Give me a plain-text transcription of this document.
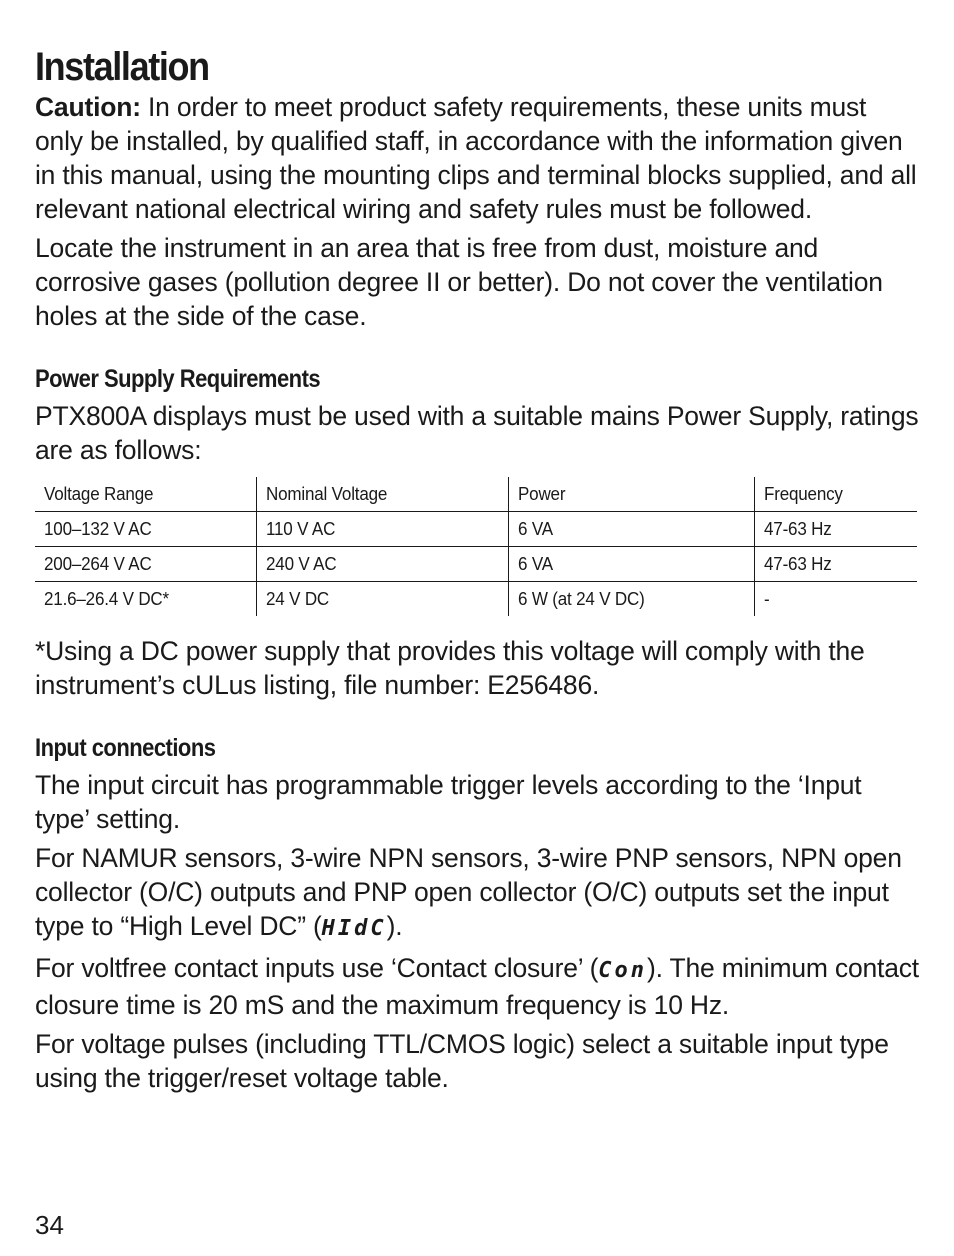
Installation

Caution: In order to meet product safety requirements, these units must only be installed, by qualified staff, in accordance with the information given in this manual, using the mounting clips and terminal blocks supplied, and all relevant national electrical wiring and safety rules must be followed.

Locate the instrument in an area that is free from dust, moisture and corrosive gases (pollution degree II or better). Do not cover the ventilation holes at the side of the case.

Power Supply Requirements

PTX800A displays must be used with a suitable mains Power Supply, ratings are as follows:

Voltage Range	Nominal Voltage	Power	Frequency
100–132 V AC	110 V AC	6 VA	47-63 Hz
200–264 V AC	240 V AC	6 VA	47-63 Hz
21.6–26.4 V DC*	24 V DC	6 W (at 24 V DC)	-

*Using a DC power supply that provides this voltage will comply with the instrument’s cULus listing, file number: E256486.

Input connections

The input circuit has programmable trigger levels according to the ‘Input type’ setting.

For NAMUR sensors, 3-wire NPN sensors, 3-wire PNP sensors, NPN open collector (O/C) outputs and PNP open collector (O/C) outputs set the input type to “High Level DC” (HIdC).

For voltfree contact inputs use ‘Contact closure’ (Con). The minimum contact closure time is 20 mS and the maximum frequency is 10 Hz.

For voltage pulses (including TTL/CMOS logic) select a suitable input type using the trigger/reset voltage table.

34
